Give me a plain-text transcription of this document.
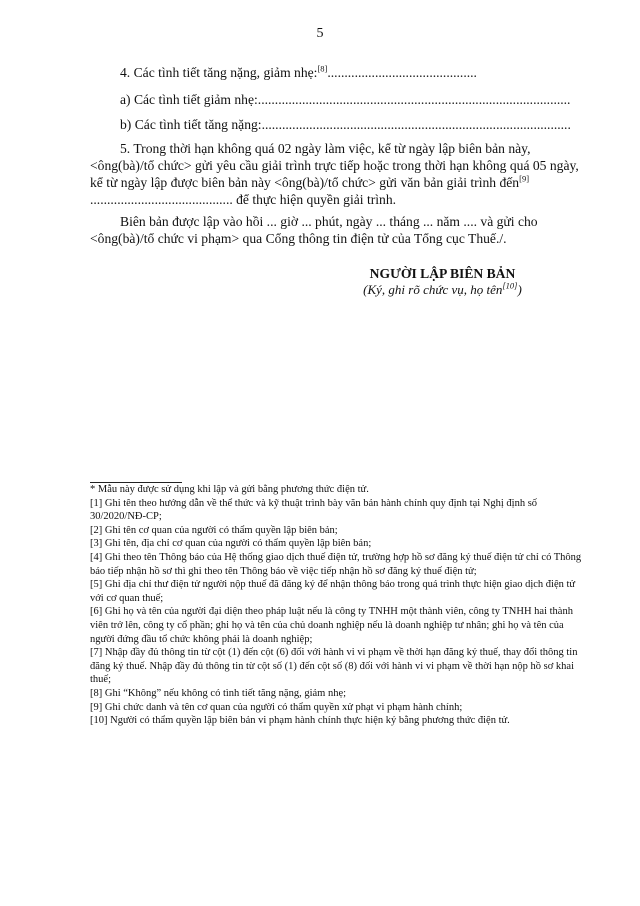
5
4. Các tình tiết tăng nặng, giảm nhẹ:[8]............................................
a) Các tình tiết giảm nhẹ:............................................................................................
b) Các tình tiết tăng nặng:...........................................................................................
5. Trong thời hạn không quá 02 ngày làm việc, kể từ ngày lập biên bản này, <ông(bà)/tổ chức> gửi yêu cầu giải trình trực tiếp hoặc trong thời hạn không quá 05 ngày, kể từ ngày lập được biên bản này <ông(bà)/tổ chức> gửi văn bản giải trình đến[9] .......................................... để thực hiện quyền giải trình.
Biên bản được lập vào hồi ... giờ ... phút, ngày ... tháng ... năm .... và gửi cho <ông(bà)/tổ chức vi phạm> qua Cổng thông tin điện tử của Tổng cục Thuế./.
NGƯỜI LẬP BIÊN BẢN
(Ký, ghi rõ chức vụ, họ tên[10])

* Mẫu này được sử dụng khi lập và gửi bằng phương thức điện tử.

[1] Ghi tên theo hướng dẫn về thể thức và kỹ thuật trình bày văn bản hành chính quy định tại Nghị định số 30/2020/NĐ-CP;

[2] Ghi tên cơ quan của người có thẩm quyền lập biên bản;

[3] Ghi tên, địa chỉ cơ quan của người có thẩm quyền lập biên bản;

[4] Ghi theo tên Thông báo của Hệ thống giao dịch thuế điện tử, trường hợp hồ sơ đăng ký thuế điện tử chỉ có Thông báo tiếp nhận hồ sơ thì ghi theo tên Thông báo về việc tiếp nhận hồ sơ đăng ký thuế điện tử;

[5] Ghi địa chỉ thư điện tử người nộp thuế đã đăng ký để nhận thông báo trong quá trình thực hiện giao dịch điện tử với cơ quan thuế;

[6] Ghi họ và tên của người đại diện theo pháp luật nếu là công ty TNHH một thành viên, công ty TNHH hai thành viên trở lên, công ty cổ phần; ghi họ và tên của chủ doanh nghiệp nếu là doanh nghiệp tư nhân; ghi họ và tên của người đứng đầu tổ chức không phải là doanh nghiệp;

[7] Nhập đầy đủ thông tin từ cột (1) đến cột (6) đối với hành vi vi phạm về thời hạn đăng ký thuế, thay đổi thông tin đăng ký thuế. Nhập đầy đủ thông tin từ cột số (1) đến cột số (8) đối với hành vi vi phạm về thời hạn nộp hồ sơ khai thuế;

[8] Ghi “Không” nếu không có tình tiết tăng nặng, giảm nhẹ;

[9] Ghi chức danh và tên cơ quan của người có thẩm quyền xử phạt vi phạm hành chính;

[10] Người có thẩm quyền lập biên bản vi phạm hành chính thực hiện ký bằng phương thức điện tử.
